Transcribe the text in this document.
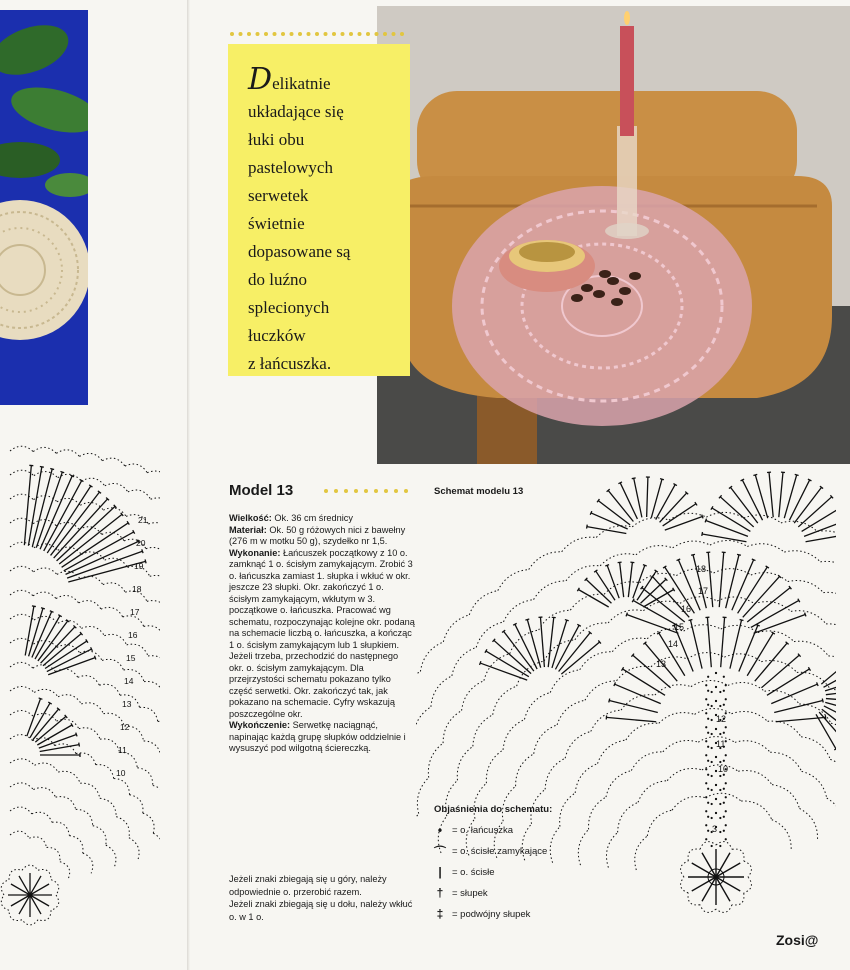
21
20
19
18
17
16
15
14
13
12
11
10
Delikatnie
układające się
łuki obu
pastelowych
serwetek
świetnie
dopasowane są
do luźno
splecionych
łuczków
z łańcuszka.
Model 13
Wielkość: Ok. 36 cm średnicy
Materiał: Ok. 50 g różowych nici z bawełny (276 m w motku 50 g), szydełko nr 1,5.
Wykonanie: Łańcuszek początkowy z 10 o. zamknąć 1 o. ścisłym zamykającym. Zrobić 3 o. łańcuszka zamiast 1. słupka i wkłuć w okr. jeszcze 23 słupki. Okr. zakończyć 1 o. ścisłym zamykającym, wkłutym w 3. początkowe o. łańcuszka. Pracować wg schematu, rozpoczynając kolejne okr. podaną na schemacie liczbą o. łańcuszka, a kończąc 1 o. ścisłym zamykającym lub 1 słupkiem. Jeżeli trzeba, przechodzić do następnego okr. o. ścisłym zamykającym. Dla przejrzystości schematu pokazano tylko część serwetki. Okr. zakończyć tak, jak pokazano na schemacie. Cyfry wskazują poszczególne okr.
Wykończenie: Serwetkę naciągnąć, napinając każdą grupę słupków oddzielnie i wysuszyć pod wilgotną ściereczką.
Jeżeli znaki zbiegają się u góry, należy odpowiednie o. przerobić razem.
Jeżeli znaki zbiegają się u dołu, należy wkłuć o. w 1 o.
Schemat modelu 13
18
17
16
15
14
13
12
11
10
3
Objaśnienia do schematu:
•	= o. łańcuszka
⌒ = o. ścisłe zamykające
|	= o. ścisłe
† = słupek
‡ = podwójny słupek
Zosi@
